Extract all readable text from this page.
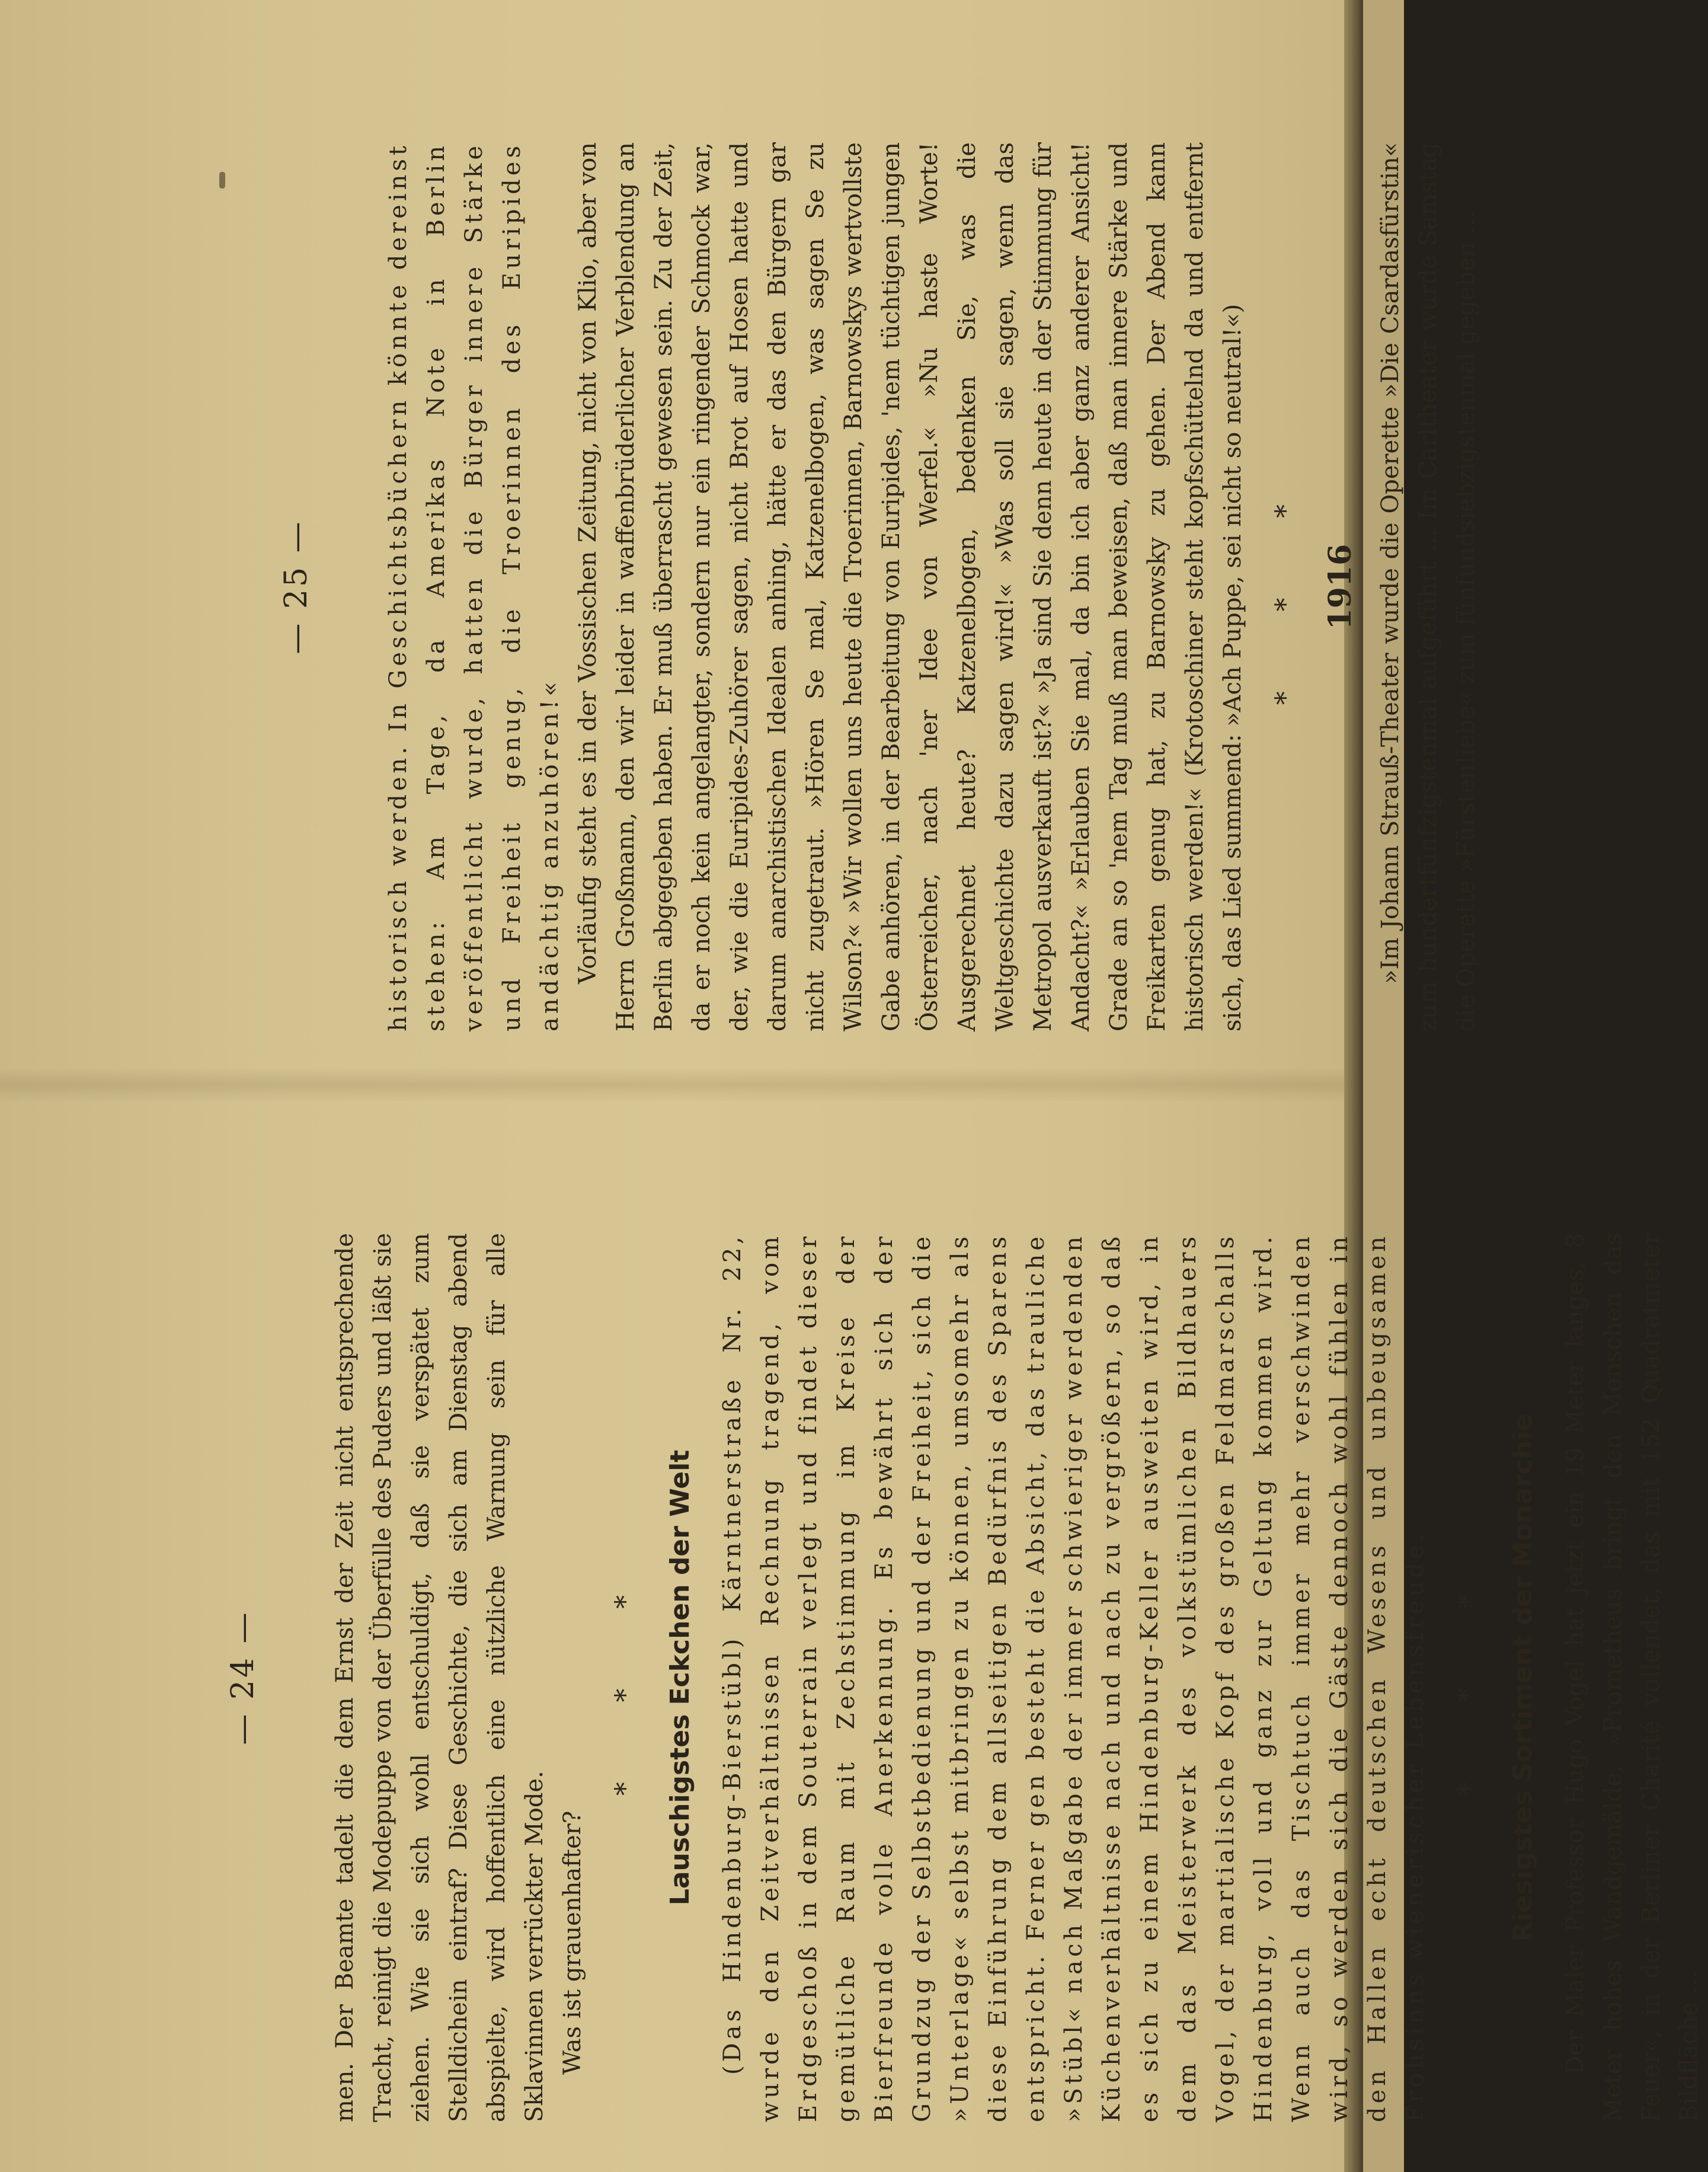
— 24 —	men. Der Beamte tadelt die dem Ernst der Zeit nicht entsprechende Tracht, reinigt die Modepuppe von der Überfülle des Puders und läßt sie ziehen. Wie sie sich wohl entschuldigt, daß sie verspätet zum Stelldichein eintraf? Diese Geschichte, die sich am Dienstag abend abspielte, wird hoffentlich eine nützliche Warnung sein für alle Sklavinnen verrückter Mode. Was ist grauenhafter?

* * * Lauschigstes Eckchen der Welt (Das Hindenburg-Bierstübl) Kärntnerstraße Nr. 22, wurde den Zeitverhältnissen Rechnung tragend, vom Erdgeschoß in dem Souterrain verlegt und findet dieser gemütliche Raum mit Zechstimmung im Kreise der Bierfreunde volle Anerkennung. Es bewährt sich der Grundzug der Selbstbedienung und der Freiheit, sich die »Unterlage« selbst mitbringen zu können, umsomehr als diese Einführung dem allseitigen Bedürfnis des Sparens entspricht. Ferner gen besteht die Absicht, das trauliche »Stübl« nach Maßgabe der immer schwieriger werdenden Küchenverhältnisse nach und nach zu vergrößern, so daß es sich zu einem Hindenburg-Keller ausweiten wird, in dem das Meisterwerk des volkstümlichen Bildhauers Vogel, der martialische Kopf des großen Feldmarschalls Hindenburg, voll und ganz zur Geltung kommen wird. Wenn auch das Tischtuch immer mehr verschwinden wird, so werden sich die Gäste dennoch wohl fühlen in den Hallen echt deutschen Wesens und unbeugsamen Frohsinns wienerischer Lebensfreude. * * * Riesigstes Sortiment der Monarchie Der Maler Professor Hugo Vogel hat jetzt ein 19 Meter langes, 8 Meter hohes Wandgemälde, »Prometheus bringt den Menschen das Feuer«, in der Berliner Charité vollendet, das mit 152 Quadratmeter Bildfläche …

— 25 —	historisch werden. In Geschichtsbüchern könnte dereinst stehen: Am Tage, da Amerikas Note in Berlin veröffentlicht wurde, hatten die Bürger innere Stärke und Freiheit genug, die Troerinnen des Euripides andächtig anzuhören!« Vorläufig steht es in der Vossischen Zeitung, nicht von Klio, aber von Herrn Großmann, den wir leider in waffenbrüderlicher Verblendung an Berlin abgegeben haben. Er muß überrascht gewesen sein. Zu der Zeit, da er noch kein angelangter, sondern nur ein ringender Schmock war, der, wie die Euripides-Zuhörer sagen, nicht Brot auf Hosen hatte und darum anarchistischen Idealen anhing, hätte er das den Bürgern gar nicht zugetraut. »Hören Se mal, Katzenelbogen, was sagen Se zu Wilson?« »Wir wollen uns heute die Troerinnen, Barnowskys wertvollste Gabe anhören, in der Bearbeitung von Euripides, 'nem tüchtigen jungen Österreicher, nach 'ner Idee von Werfel.« »Nu haste Worte! Ausgerechnet heute? Katzenelbogen, bedenken Sie, was die Weltgeschichte dazu sagen wird!« »Was soll sie sagen, wenn das Metropol ausverkauft ist?« »Ja sind Sie denn heute in der Stimmung für Andacht?« »Erlauben Sie mal, da bin ich aber ganz anderer Ansicht! Grade an so 'nem Tag muß man beweisen, daß man innere Stärke und Freikarten genug hat, zu Barnowsky zu gehen. Der Abend kann historisch werden!« (Krotoschiner steht kopfschüttelnd da und entfernt sich, das Lied summend: »Ach Puppe, sei nicht so neutral!«) * * * 1916 »Im Johann Strauß-Theater wurde die Operette »Die Csardasfürstin« zum hundertfünfzigstenmal aufgeführt … Im Carltheater wurde Samstag die Operette »Fürstenliebe« zum fünfundsiebzigstenmal gegeben …
